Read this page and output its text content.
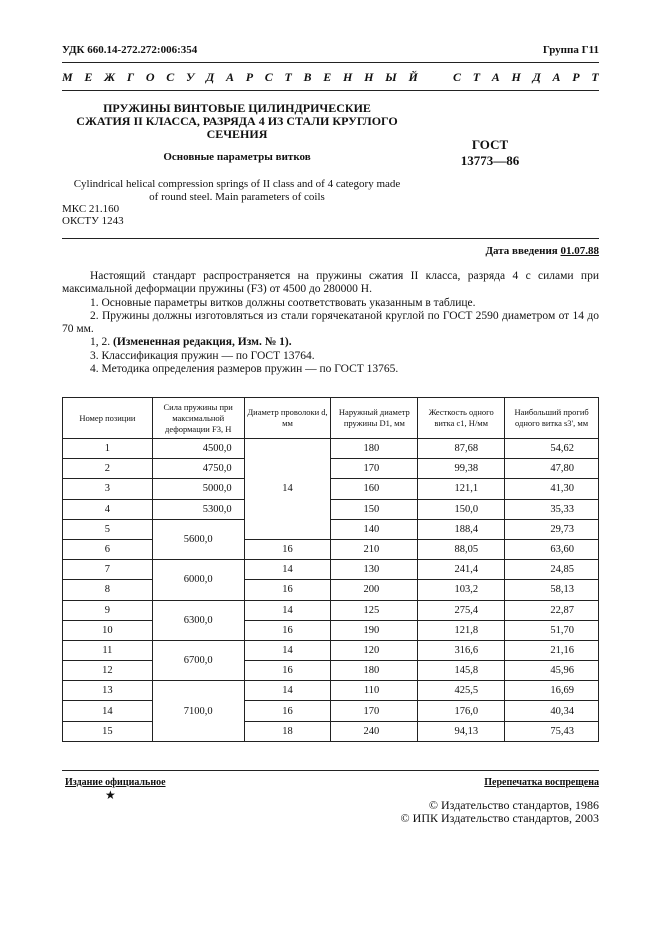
УДК 660.14-272.272:006:354	Группа Г11
М Е Ж Г О С У Д А Р С Т В Е Н Н Ы Й	С Т А Н Д А Р Т
ПРУЖИНЫ ВИНТОВЫЕ ЦИЛИНДРИЧЕСКИЕ
СЖАТИЯ II КЛАССА, РАЗРЯДА 4 ИЗ СТАЛИ КРУГЛОГО
СЕЧЕНИЯ
Основные параметры витков
ГОСТ
13773—86
Cylindrical helical compression springs of II class and of 4 category made
of round steel. Main parameters of coils
МКС 21.160
ОКСТУ 1243
Дата введения 01.07.88

Настоящий стандарт распространяется на пружины сжатия II класса, разряда 4 с силами при максимальной деформации пружины (F3) от 4500 до 280000 Н.

1. Основные параметры витков должны соответствовать указанным в таблице.

2. Пружины должны изготовляться из стали горячекатаной круглой по ГОСТ 2590 диаметром от 14 до 70 мм.

1, 2. (Измененная редакция, Изм. № 1).

3. Классификация пружин — по ГОСТ 13764.

4. Методика определения размеров пружин — по ГОСТ 13765.

Номер позиции	Сила пружины при максимальной деформации F3, Н	Диаметр проволоки d, мм	Наружный диаметр пружины D1, мм	Жесткость одного витка c1, Н/мм	Наибольший прогиб одного витка s3', мм
1	4500,0	14	180	87,68	54,62
2	4750,0		170	99,38	47,80
3	5000,0		160	121,1	41,30
4	5300,0		150	150,0	35,33
5	5600,0		140	188,4	29,73
6		16	210	88,05	63,60
7	6000,0	14	130	241,4	24,85
8		16	200	103,2	58,13
9	6300,0	14	125	275,4	22,87
10		16	190	121,8	51,70
11	6700,0	14	120	316,6	21,16
12		16	180	145,8	45,96
13	7100,0	14	110	425,5	16,69
14		16	170	176,0	40,34
15		18	240	94,13	75,43
Издание официальное
★
Перепечатка воспрещена
© Издательство стандартов, 1986
© ИПК Издательство стандартов, 2003
